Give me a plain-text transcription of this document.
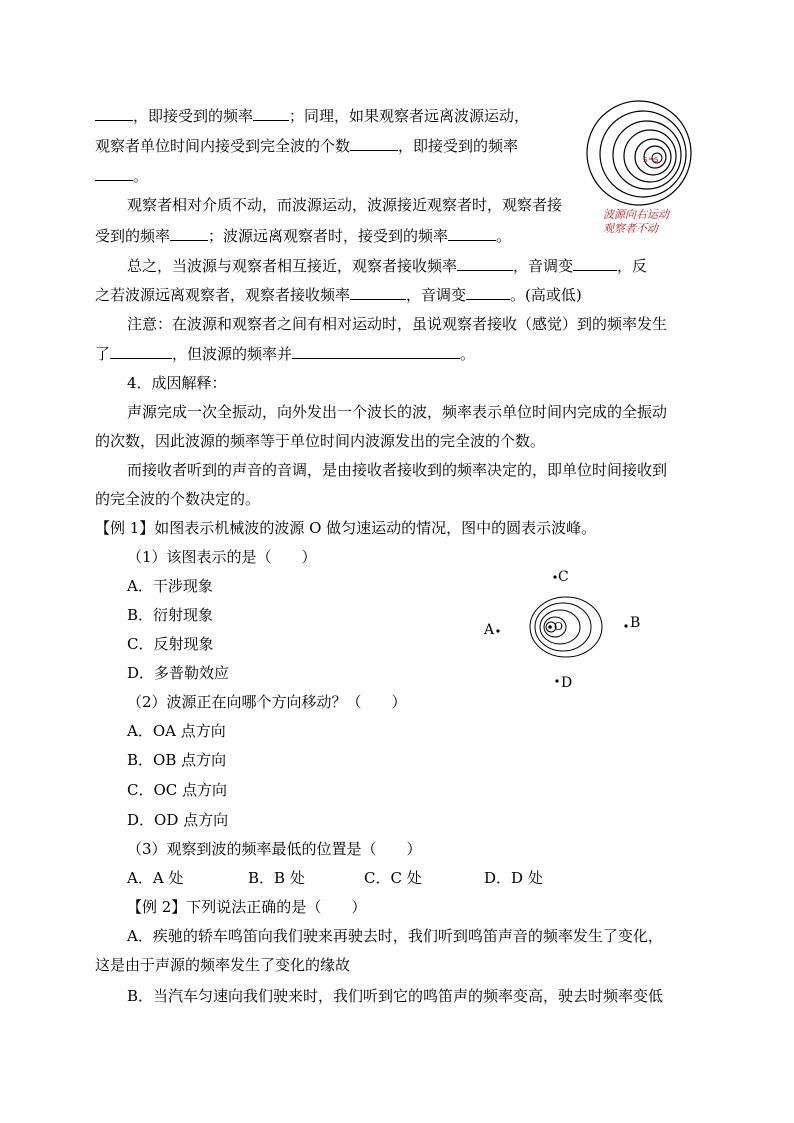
，即接受到的频率 ；同理，如果观察者远离波源运动，
观察者单位时间内接受到完全波的个数	，即接受到的频率
。
观察者相对介质不动，而波源运动，波源接近观察者时，观察者接
受到的频率	；波源远离观察者时，接受到的频率	。
总之，当波源与观察者相互接近，观察者接收频率	，音调变	，反
之若波源远离观察者，观察者接收频率	，音调变	。(高或低)
注意：在波源和观察者之间有相对运动时，虽说观察者接收（感觉）到的频率发生
了	，但波源的频率并	。
4．成因解释：
声源完成一次全振动，向外发出一个波长的波，频率表示单位时间内完成的全振动
的次数，因此波源的频率等于单位时间内波源发出的完全波的个数。
而接收者听到的声音的音调，是由接收者接收到的频率决定的，即单位时间接收到
的完全波的个数决定的。
【例 1】如图表示机械波的波源 O 做匀速运动的情况，图中的圆表示波峰。
（1）该图表示的是（　　）
A．干涉现象
B．衍射现象
C．反射现象
D．多普勒效应
（2）波源正在向哪个方向移动？（　　）
A．OA 点方向
B．OB 点方向
C．OC 点方向
D．OD 点方向
（3）观察到波的频率最低的位置是（　　）
A．A 处	B．B 处	C．C 处	D．D 处
【例 2】下列说法正确的是（　　）
A．疾驰的轿车鸣笛向我们驶来再驶去时，我们听到鸣笛声音的频率发生了变化，
这是由于声源的频率发生了变化的缘故
B．当汽车匀速向我们驶来时，我们听到它的鸣笛声的频率变高，驶去时频率变低
S S
波源向右运动
观察者不动
O
A	B
C
D
